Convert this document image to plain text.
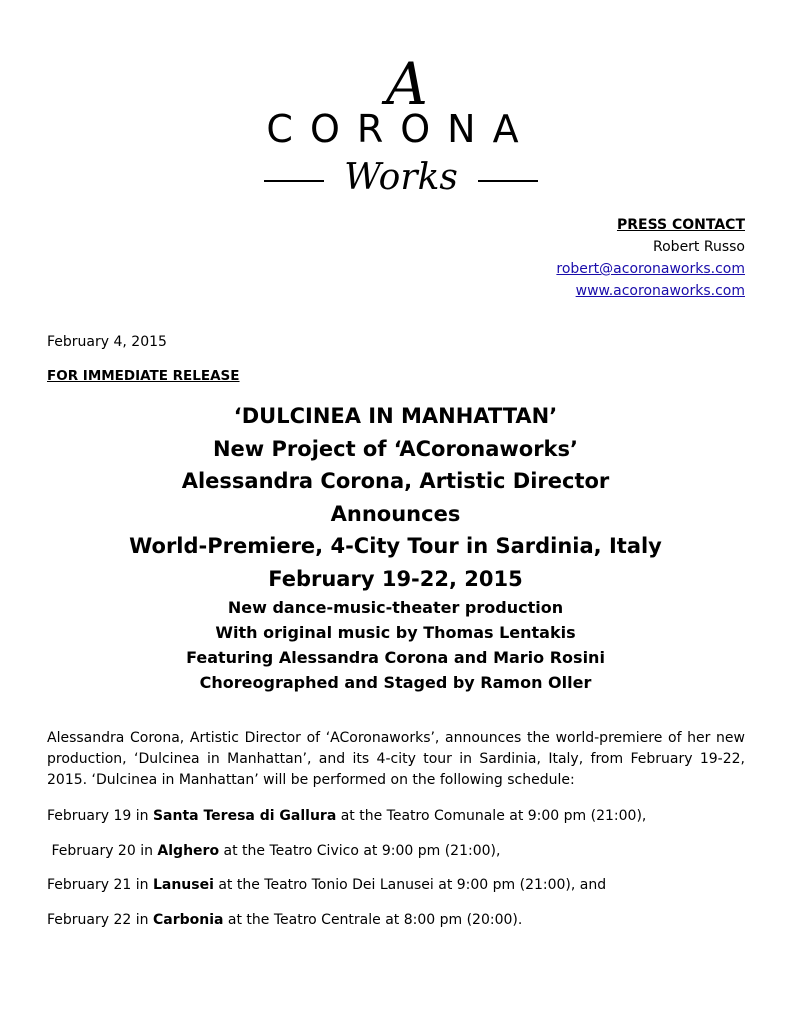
A
CORONA
Works
PRESS CONTACT
Robert Russo
robert@acoronaworks.com
www.acoronaworks.com
February 4, 2015
FOR IMMEDIATE RELEASE
‘DULCINEA IN MANHATTAN’
New Project of ‘ACoronaworks’
Alessandra Corona, Artistic Director
Announces
World-Premiere, 4-City Tour in Sardinia, Italy
February 19-22, 2015
New dance-music-theater production
With original music by Thomas Lentakis
Featuring Alessandra Corona and Mario Rosini
Choreographed and Staged by Ramon Oller
Alessandra Corona, Artistic Director of ‘ACoronaworks’, announces the world-premiere of her new production, ‘Dulcinea in Manhattan’, and its 4-city tour in Sardinia, Italy, from February 19-22, 2015. ‘Dulcinea in Manhattan’ will be performed on the following schedule:
February 19 in Santa Teresa di Gallura at the Teatro Comunale at 9:00 pm (21:00),
February 20 in Alghero at the Teatro Civico at 9:00 pm (21:00),
February 21 in Lanusei at the Teatro Tonio Dei Lanusei at 9:00 pm (21:00), and
February 22 in Carbonia at the Teatro Centrale at 8:00 pm (20:00).
